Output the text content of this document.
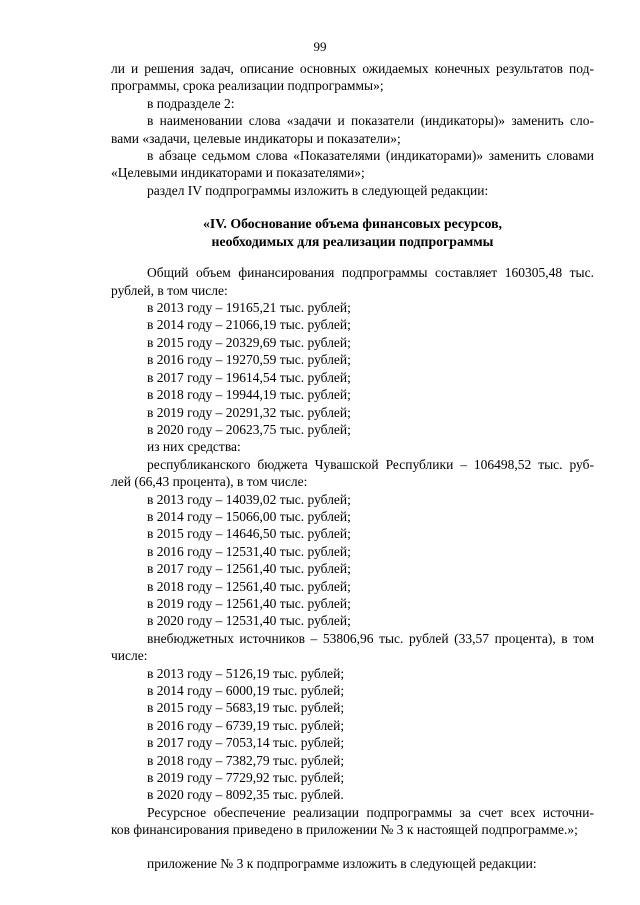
99

ли и решения задач, описание основных ожидаемых конечных результатов под-

программы, срока реализации подпрограммы»;

в подразделе 2:

в наименовании слова «задачи и показатели (индикаторы)» заменить сло-

вами «задачи, целевые индикаторы и показатели»;

в абзаце седьмом слова «Показателями (индикаторами)» заменить словами

«Целевыми индикаторами и показателями»;

раздел IV подпрограммы изложить в следующей редакции:

«IV. Обоснование объема финансовых ресурсов,
необходимых для реализации подпрограммы

Общий объем финансирования подпрограммы составляет 160305,48 тыс.

рублей, в том числе:

в 2013 году – 19165,21 тыс. рублей;

в 2014 году – 21066,19 тыс. рублей;

в 2015 году – 20329,69 тыс. рублей;

в 2016 году – 19270,59 тыс. рублей;

в 2017 году – 19614,54 тыс. рублей;

в 2018 году – 19944,19 тыс. рублей;

в 2019 году – 20291,32 тыс. рублей;

в 2020 году – 20623,75 тыс. рублей;

из них средства:

республиканского бюджета Чувашской Республики – 106498,52 тыс. руб-

лей (66,43 процента), в том числе:

в 2013 году – 14039,02 тыс. рублей;

в 2014 году – 15066,00 тыс. рублей;

в 2015 году – 14646,50 тыс. рублей;

в 2016 году – 12531,40 тыс. рублей;

в 2017 году – 12561,40 тыс. рублей;

в 2018 году – 12561,40 тыс. рублей;

в 2019 году – 12561,40 тыс. рублей;

в 2020 году – 12531,40 тыс. рублей;

внебюджетных источников – 53806,96 тыс. рублей (33,57 процента), в том

числе:

в 2013 году – 5126,19 тыс. рублей;

в 2014 году – 6000,19 тыс. рублей;

в 2015 году – 5683,19 тыс. рублей;

в 2016 году – 6739,19 тыс. рублей;

в 2017 году – 7053,14 тыс. рублей;

в 2018 году – 7382,79 тыс. рублей;

в 2019 году – 7729,92 тыс. рублей;

в 2020 году – 8092,35 тыс. рублей.

Ресурсное обеспечение реализации подпрограммы за счет всех источни-

ков финансирования приведено в приложении № 3 к настоящей подпрограмме.»;

приложение № 3 к подпрограмме изложить в следующей редакции:
